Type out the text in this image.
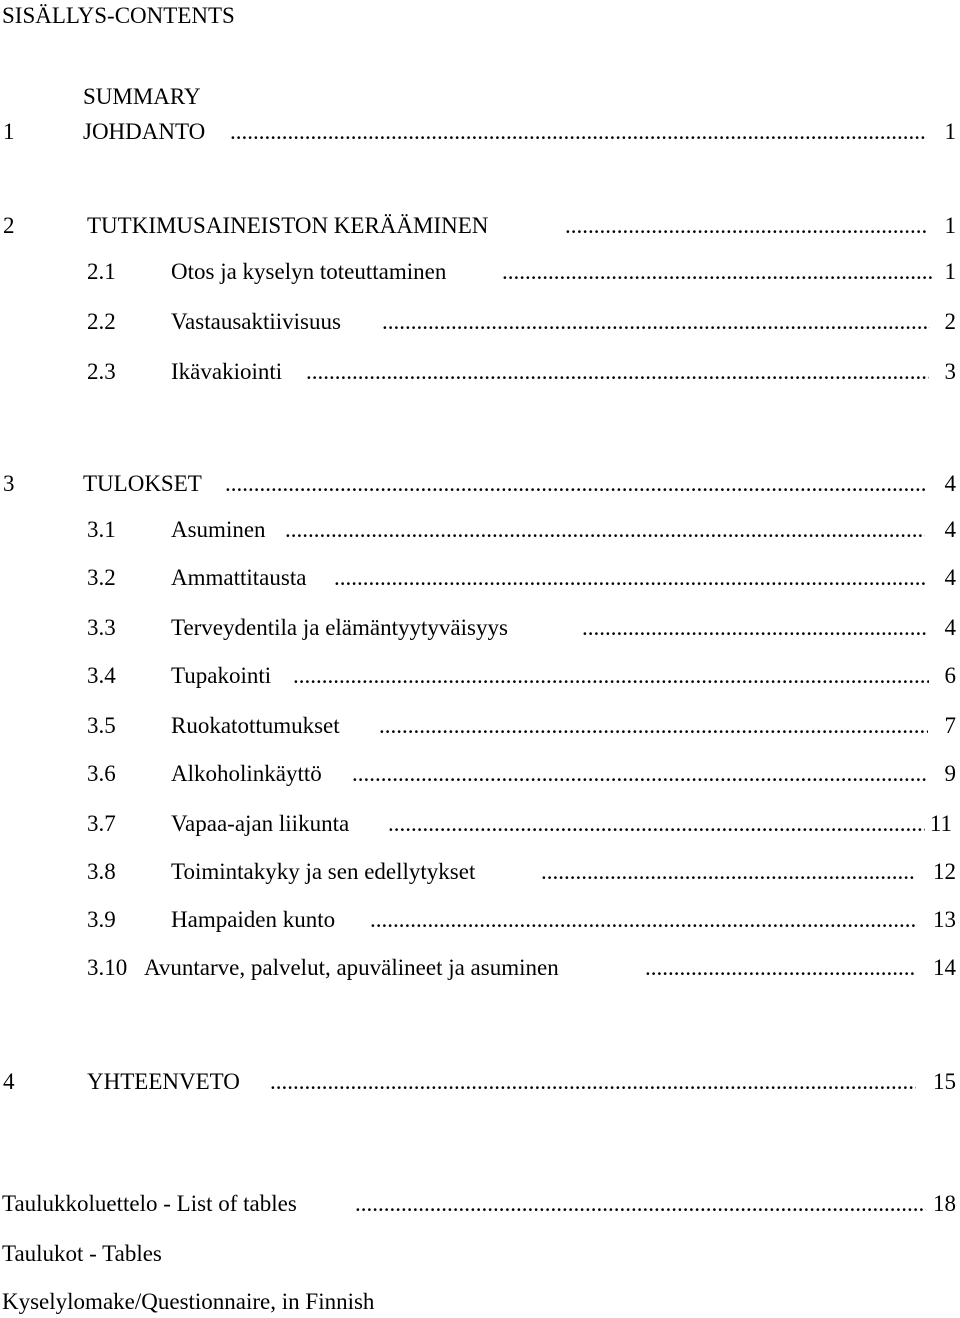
SISÄLLYS-CONTENTS
SUMMARY
1	JOHDANTO .....	1
2	TUTKIMUSAINEISTON KERÄÄMINEN .....	1
2.1 Otos ja kyselyn toteuttaminen .....	1
2.2 Vastausaktiivisuus .....	2
2.3 Ikävakiointi .....	3
3	TULOKSET .....	4
3.1 Asuminen .....	4
3.2 Ammattitausta .....	4
3.3 Terveydentila ja elämäntyytyväisyys .....	4
3.4 Tupakointi .....	6
3.5 Ruokatottumukset .....	7
3.6 Alkoholinkäyttö .....	9
3.7 Vapaa-ajan liikunta .....	11
3.8 Toimintakyky ja sen edellytykset .....	12
3.9 Hampaiden kunto .....	13
3.10 Avuntarve, palvelut, apuvälineet ja asuminen .....	14
4	YHTEENVETO .....	15
Taulukkoluettelo - List of tables .....	18
Taulukot - Tables
Kyselylomake/Questionnaire, in Finnish
